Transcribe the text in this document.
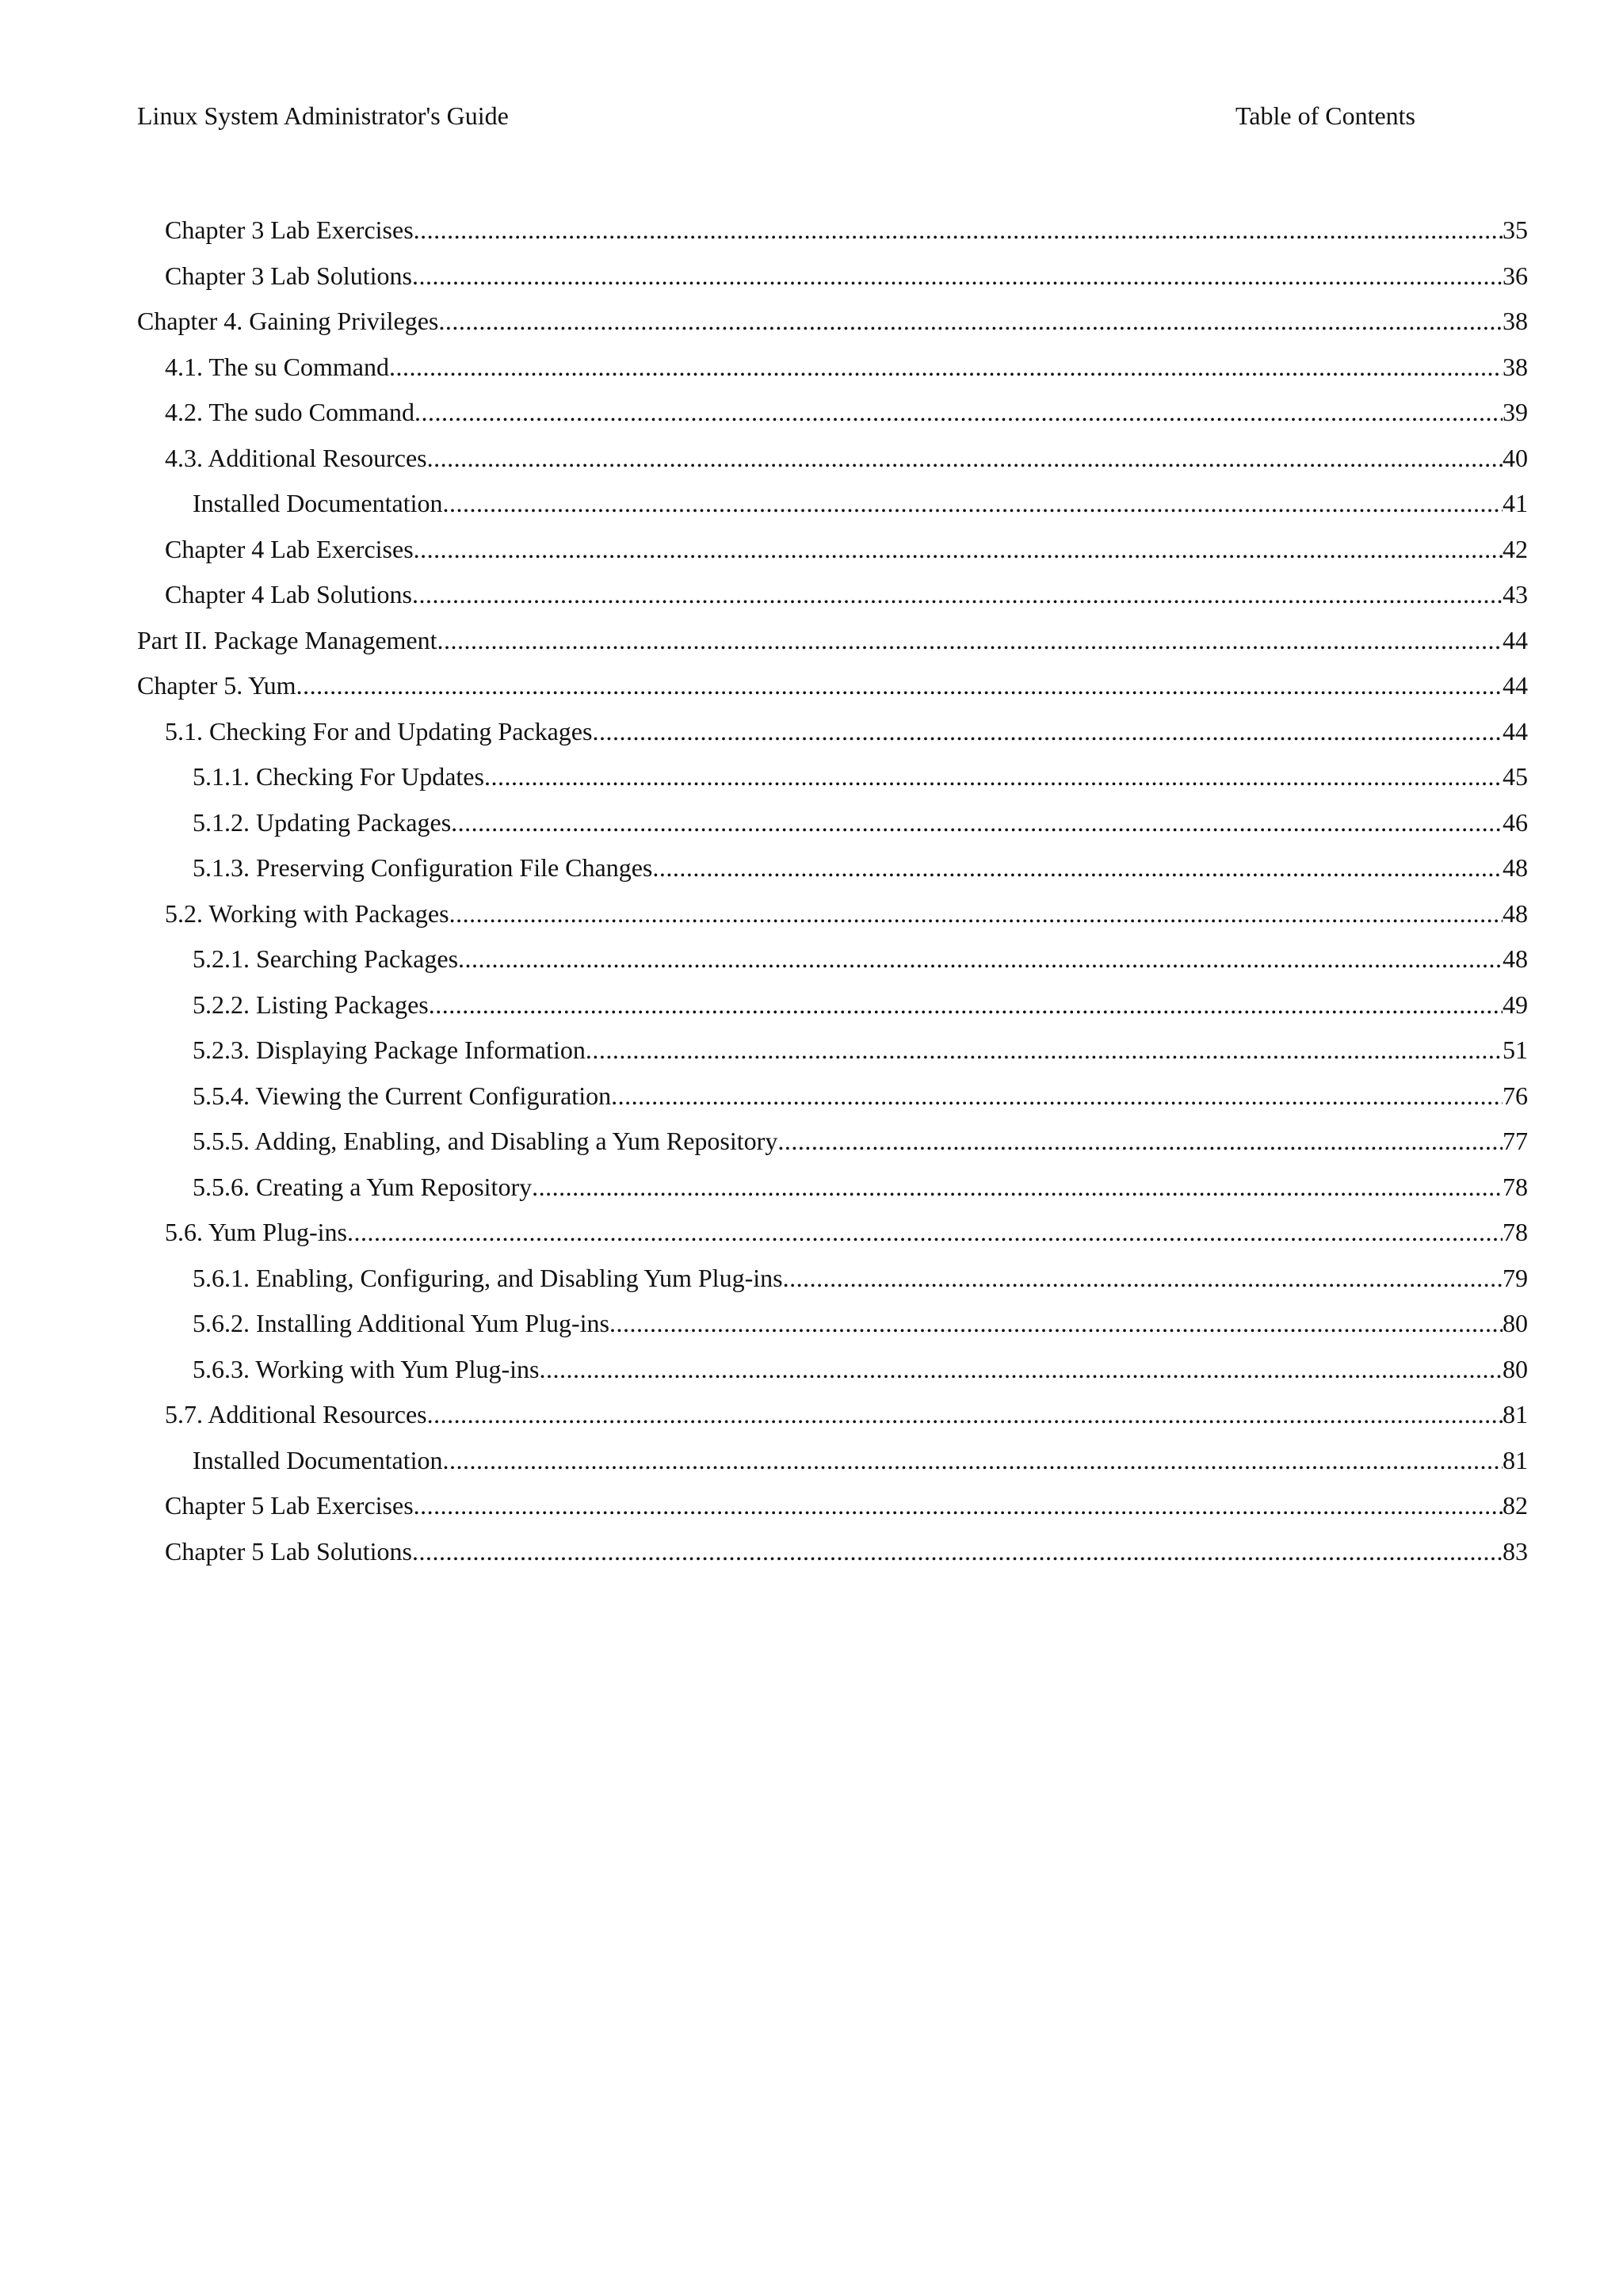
Linux System Administrator's Guide	Table of Contents
Chapter 3 Lab Exercises .....	35
Chapter 3 Lab Solutions .....	36
Chapter 4. Gaining Privileges .....	38
4.1. The su Command .....	38
4.2. The sudo Command .....	39
4.3. Additional Resources .....	40
Installed Documentation .....	41
Chapter 4 Lab Exercises .....	42
Chapter 4 Lab Solutions .....	43
Part II. Package Management .....	44
Chapter 5. Yum .....	44
5.1. Checking For and Updating Packages .....	44
5.1.1. Checking For Updates .....	45
5.1.2. Updating Packages .....	46
5.1.3. Preserving Configuration File Changes .....	48
5.2. Working with Packages .....	48
5.2.1. Searching Packages .....	48
5.2.2. Listing Packages .....	49
5.2.3. Displaying Package Information .....	51
5.5.4. Viewing the Current Configuration .....	76
5.5.5. Adding, Enabling, and Disabling a Yum Repository .....	77
5.5.6. Creating a Yum Repository .....	78
5.6. Yum Plug-ins .....	78
5.6.1. Enabling, Configuring, and Disabling Yum Plug-ins .....	79
5.6.2. Installing Additional Yum Plug-ins .....	80
5.6.3. Working with Yum Plug-ins .....	80
5.7. Additional Resources .....	81
Installed Documentation .....	81
Chapter 5 Lab Exercises .....	82
Chapter 5 Lab Solutions .....	83
